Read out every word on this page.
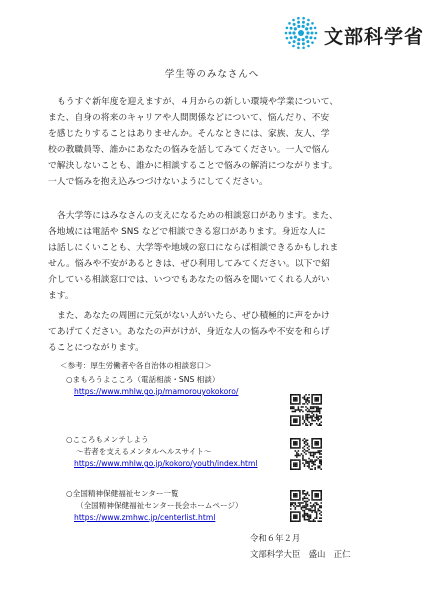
文部科学省
学生等のみなさんへ

もうすぐ新年度を迎えますが、４月からの新しい環境や学業について、
また、自身の将来のキャリアや人間関係などについて、悩んだり、不安
を感じたりすることはありませんか。そんなときには、家族、友人、学
校の教職員等、誰かにあなたの悩みを話してみてください。一人で悩ん
で解決しないことも、誰かに相談することで悩みの解消につながります。
一人で悩みを抱え込みつづけないようにしてください。

各大学等にはみなさんの支えになるための相談窓口があります。また、
各地域には電話や SNS などで相談できる窓口があります。身近な人に
は話しにくいことも、大学等や地域の窓口にならば相談できるかもしれま
せん。悩みや不安があるときは、ぜひ利用してみてください。以下で紹
介している相談窓口では、いつでもあなたの悩みを聞いてくれる人がい
ます。

また、あなたの周囲に元気がない人がいたら、ぜひ積極的に声をかけ
てあげてください。あなたの声がけが、身近な人の悩みや不安を和らげ
ることにつながります。

＜参考：厚生労働者や各自治体の相談窓口＞
○まもろうよこころ（電話相談・SNS 相談）
https://www.mhlw.go.jp/mamorouyokokoro/
○こころもメンテしよう
～若者を支えるメンタルヘルスサイト～
https://www.mhlw.go.jp/kokoro/youth/index.html
○全国精神保健福祉センター一覧
（全国精神保健福祉センター長会ホームページ）
https://www.zmhwc.jp/centerlist.html
令和６年２月
文部科学大臣　盛山　正仁
